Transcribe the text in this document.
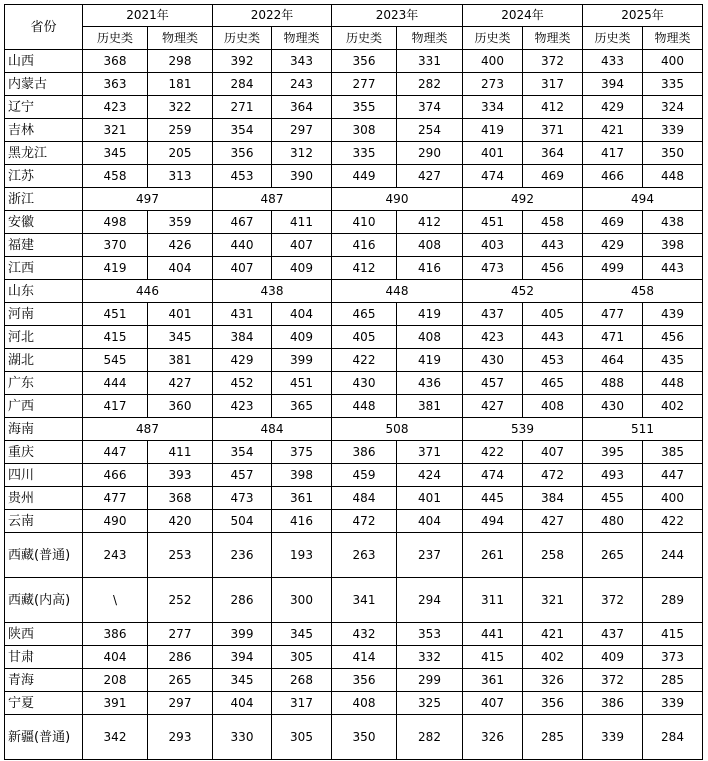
省份	2021年		2022年		2023年		2024年		2025年	
	历史类	物理类	历史类	物理类	历史类	物理类	历史类	物理类	历史类	物理类
山西	368	298	392	343	356	331	400	372	433	400
内蒙古	363	181	284	243	277	282	273	317	394	335
辽宁	423	322	271	364	355	374	334	412	429	324
吉林	321	259	354	297	308	254	419	371	421	339
黑龙江	345	205	356	312	335	290	401	364	417	350
江苏	458	313	453	390	449	427	474	469	466	448
浙江	497		487		490		492		494	
安徽	498	359	467	411	410	412	451	458	469	438
福建	370	426	440	407	416	408	403	443	429	398
江西	419	404	407	409	412	416	473	456	499	443
山东	446		438		448		452		458	
河南	451	401	431	404	465	419	437	405	477	439
河北	415	345	384	409	405	408	423	443	471	456
湖北	545	381	429	399	422	419	430	453	464	435
广东	444	427	452	451	430	436	457	465	488	448
广西	417	360	423	365	448	381	427	408	430	402
海南	487		484		508		539		511	
重庆	447	411	354	375	386	371	422	407	395	385
四川	466	393	457	398	459	424	474	472	493	447
贵州	477	368	473	361	484	401	445	384	455	400
云南	490	420	504	416	472	404	494	427	480	422
西藏(普通)	243	253	236	193	263	237	261	258	265	244
西藏(内高)	\	252	286	300	341	294	311	321	372	289
陕西	386	277	399	345	432	353	441	421	437	415
甘肃	404	286	394	305	414	332	415	402	409	373
青海	208	265	345	268	356	299	361	326	372	285
宁夏	391	297	404	317	408	325	407	356	386	339
新疆(普通)	342	293	330	305	350	282	326	285	339	284
